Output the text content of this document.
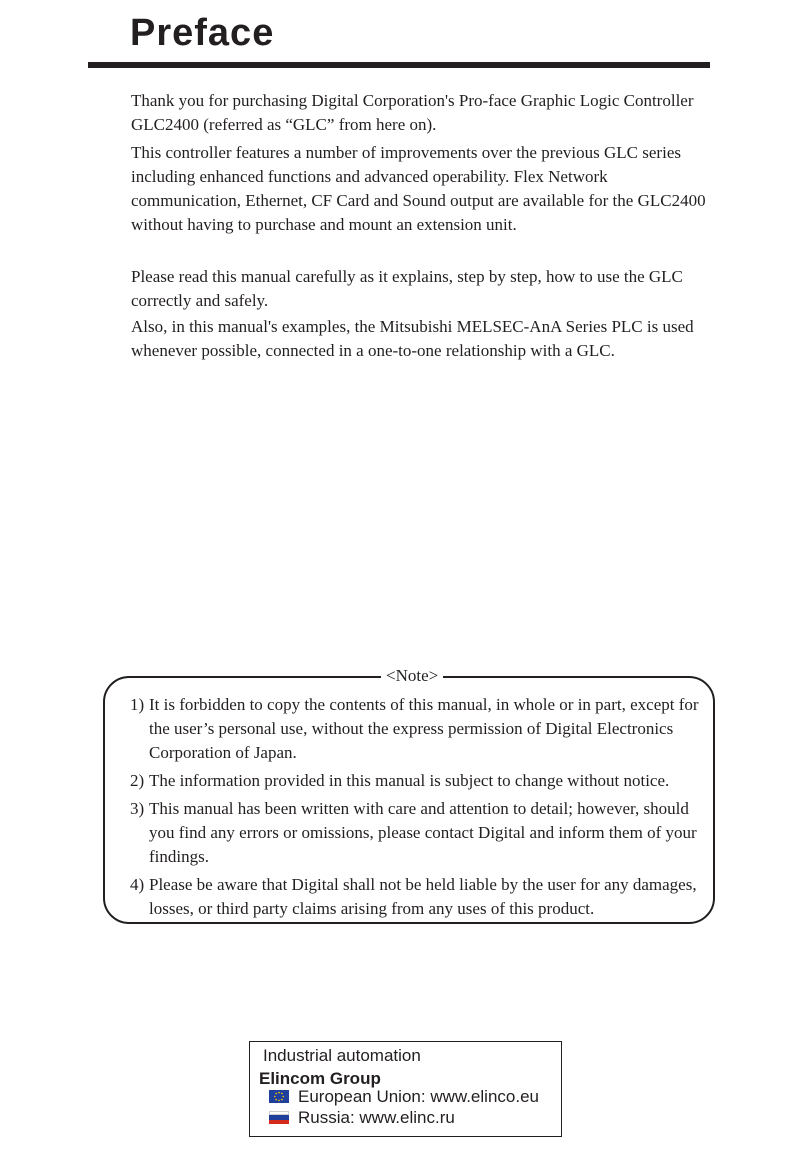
Preface

Thank you for purchasing Digital Corporation's Pro-face Graphic Logic Controller GLC2400 (referred as “GLC” from here on).

This controller features a number of improvements over the previous GLC series including enhanced functions and advanced operability. Flex Network communication, Ethernet, CF Card and Sound output are available for the GLC2400 without having to purchase and mount an extension unit.

Please read this manual carefully as it explains, step by step, how to use the GLC correctly and safely.

Also, in this manual's examples, the Mitsubishi MELSEC-AnA Series PLC is used whenever possible, connected in a one-to-one relationship with a GLC.

<Note>
1) It is forbidden to copy the contents of this manual, in whole or in part, except for the user’s personal use, without the express permission of Digital Electronics Corporation of Japan.
2) The information provided in this manual is subject to change without notice.
3) This manual has been written with care and attention to detail; however, should you find any errors or omissions, please contact Digital and inform them of your findings.
4) Please be aware that Digital shall not be held liable by the user for any damages, losses, or third party claims arising from any uses of this product.
Industrial automation
Elincom Group
European Union: www.elinco.eu
Russia: www.elinc.ru
